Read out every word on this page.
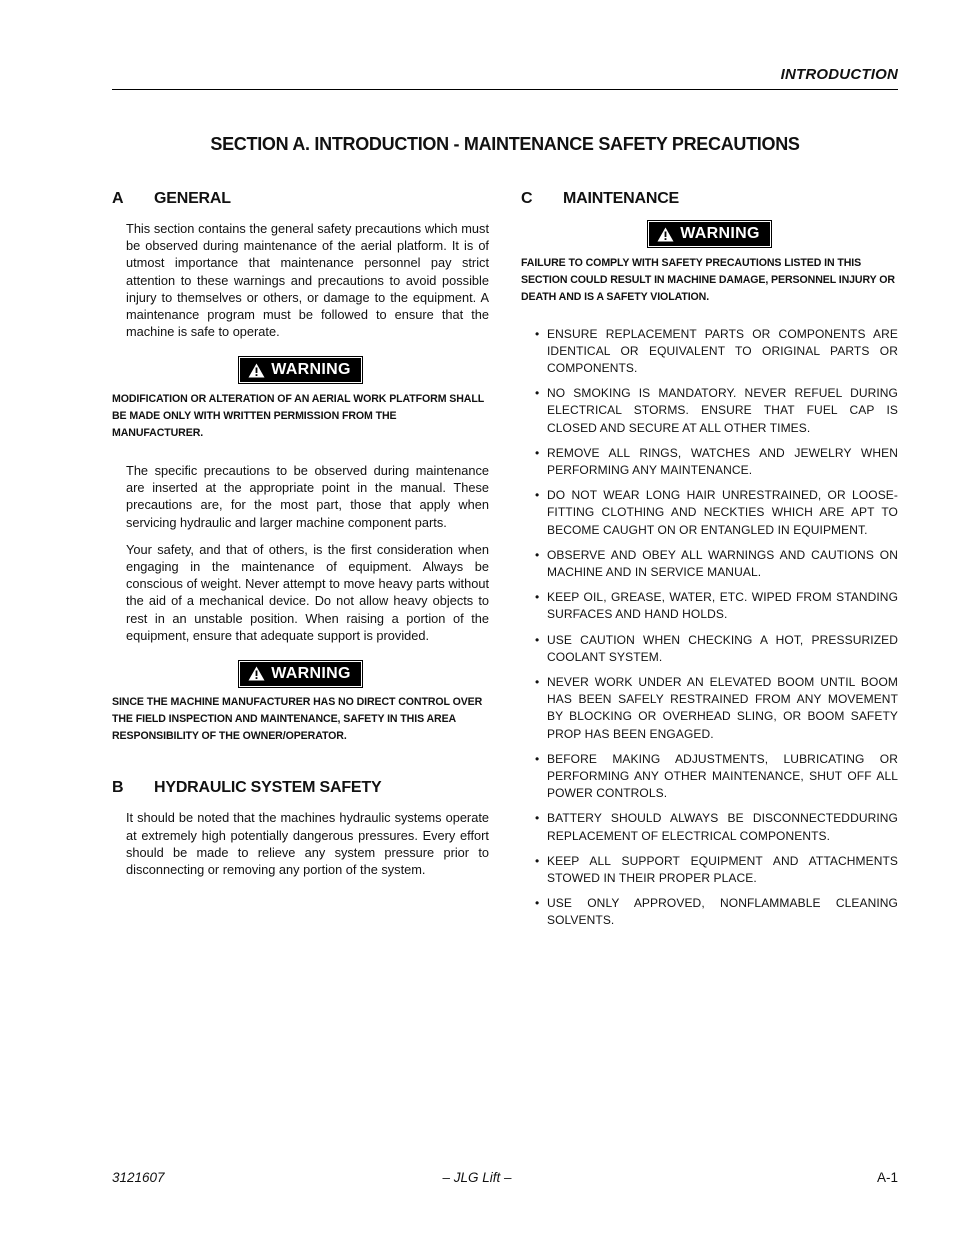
INTRODUCTION
SECTION A. INTRODUCTION - MAINTENANCE SAFETY PRECAUTIONS
A	GENERAL

This section contains the general safety precautions which must be observed during maintenance of the aerial platform. It is of utmost importance that maintenance personnel pay strict attention to these warnings and precautions to avoid possible injury to themselves or others, or damage to the equipment. A maintenance program must be followed to ensure that the machine is safe to operate.

WARNING

MODIFICATION OR ALTERATION OF AN AERIAL WORK PLATFORM SHALL BE MADE ONLY WITH WRITTEN PERMISSION FROM THE MANUFACTURER.

The specific precautions to be observed during maintenance are inserted at the appropriate point in the manual. These precautions are, for the most part, those that apply when servicing hydraulic and larger machine component parts.

Your safety, and that of others, is the first consideration when engaging in the maintenance of equipment. Always be conscious of weight. Never attempt to move heavy parts without the aid of a mechanical device. Do not allow heavy objects to rest in an unstable position. When raising a portion of the equipment, ensure that adequate support is provided.

WARNING

SINCE THE MACHINE MANUFACTURER HAS NO DIRECT CONTROL OVER THE FIELD INSPECTION AND MAINTENANCE, SAFETY IN THIS AREA RESPONSIBILITY OF THE OWNER/OPERATOR.

B	HYDRAULIC SYSTEM SAFETY

It should be noted that the machines hydraulic systems operate at extremely high potentially dangerous pressures. Every effort should be made to relieve any system pressure prior to disconnecting or removing any portion of the system.

C	MAINTENANCE
WARNING

FAILURE TO COMPLY WITH SAFETY PRECAUTIONS LISTED IN THIS SECTION COULD RESULT IN MACHINE DAMAGE, PERSONNEL INJURY OR DEATH AND IS A SAFETY VIOLATION.

• ENSURE REPLACEMENT PARTS OR COMPONENTS ARE IDENTICAL OR EQUIVALENT TO ORIGINAL PARTS OR COMPONENTS.
• NO SMOKING IS MANDATORY. NEVER REFUEL DURING ELECTRICAL STORMS. ENSURE THAT FUEL CAP IS CLOSED AND SECURE AT ALL OTHER TIMES.
• REMOVE ALL RINGS, WATCHES AND JEWELRY WHEN PERFORMING ANY MAINTENANCE.
• DO NOT WEAR LONG HAIR UNRESTRAINED, OR LOOSE-FITTING CLOTHING AND NECKTIES WHICH ARE APT TO BECOME CAUGHT ON OR ENTANGLED IN EQUIPMENT.
• OBSERVE AND OBEY ALL WARNINGS AND CAUTIONS ON MACHINE AND IN SERVICE MANUAL.
• KEEP OIL, GREASE, WATER, ETC. WIPED FROM STANDING SURFACES AND HAND HOLDS.
• USE CAUTION WHEN CHECKING A HOT, PRESSURIZED COOLANT SYSTEM.
• NEVER WORK UNDER AN ELEVATED BOOM UNTIL BOOM HAS BEEN SAFELY RESTRAINED FROM ANY MOVEMENT BY BLOCKING OR OVERHEAD SLING, OR BOOM SAFETY PROP HAS BEEN ENGAGED.
• BEFORE MAKING ADJUSTMENTS, LUBRICATING OR PERFORMING ANY OTHER MAINTENANCE, SHUT OFF ALL POWER CONTROLS.
• BATTERY SHOULD ALWAYS BE DISCONNECTEDDURING REPLACEMENT OF ELECTRICAL COMPONENTS.
• KEEP ALL SUPPORT EQUIPMENT AND ATTACHMENTS STOWED IN THEIR PROPER PLACE.
• USE ONLY APPROVED, NONFLAMMABLE CLEANING SOLVENTS.
3121607	– JLG Lift –	A-1
